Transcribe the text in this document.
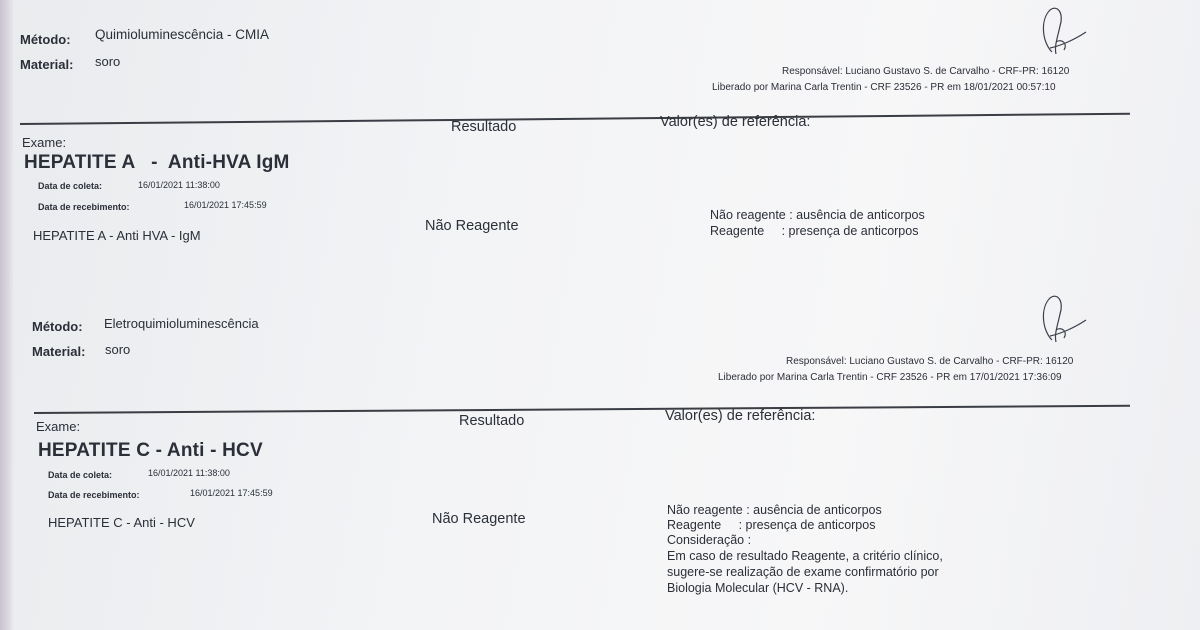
Método: Quimioluminescência - CMIA
Material: soro
Responsável: Luciano Gustavo S. de Carvalho - CRF-PR: 16120
Liberado por Marina Carla Trentin - CRF 23526 - PR em 18/01/2021 00:57:10
Exame:
Resultado	Valor(es) de referência:
HEPATITE A   -  Anti-HVA IgM
Data de coleta:	16/01/2021 11:38:00
Data de recebimento:	16/01/2021 17:45:59
HEPATITE A - Anti HVA - IgM
Não Reagente
Não reagente : ausência de anticorpos
Reagente     : presença de anticorpos
Método: Eletroquimioluminescência
Material: soro
Responsável: Luciano Gustavo S. de Carvalho - CRF-PR: 16120
Liberado por Marina Carla Trentin - CRF 23526 - PR em 17/01/2021 17:36:09
Exame:	Resultado	Valor(es) de referência:
HEPATITE C - Anti - HCV
Data de coleta:	16/01/2021 11:38:00
Data de recebimento:	16/01/2021 17:45:59
HEPATITE C - Anti - HCV	Não Reagente
Não reagente : ausência de anticorpos
Reagente     : presença de anticorpos
Consideração :
Em caso de resultado Reagente, a critério clínico,
sugere-se realização de exame confirmatório por
Biologia Molecular (HCV - RNA).
